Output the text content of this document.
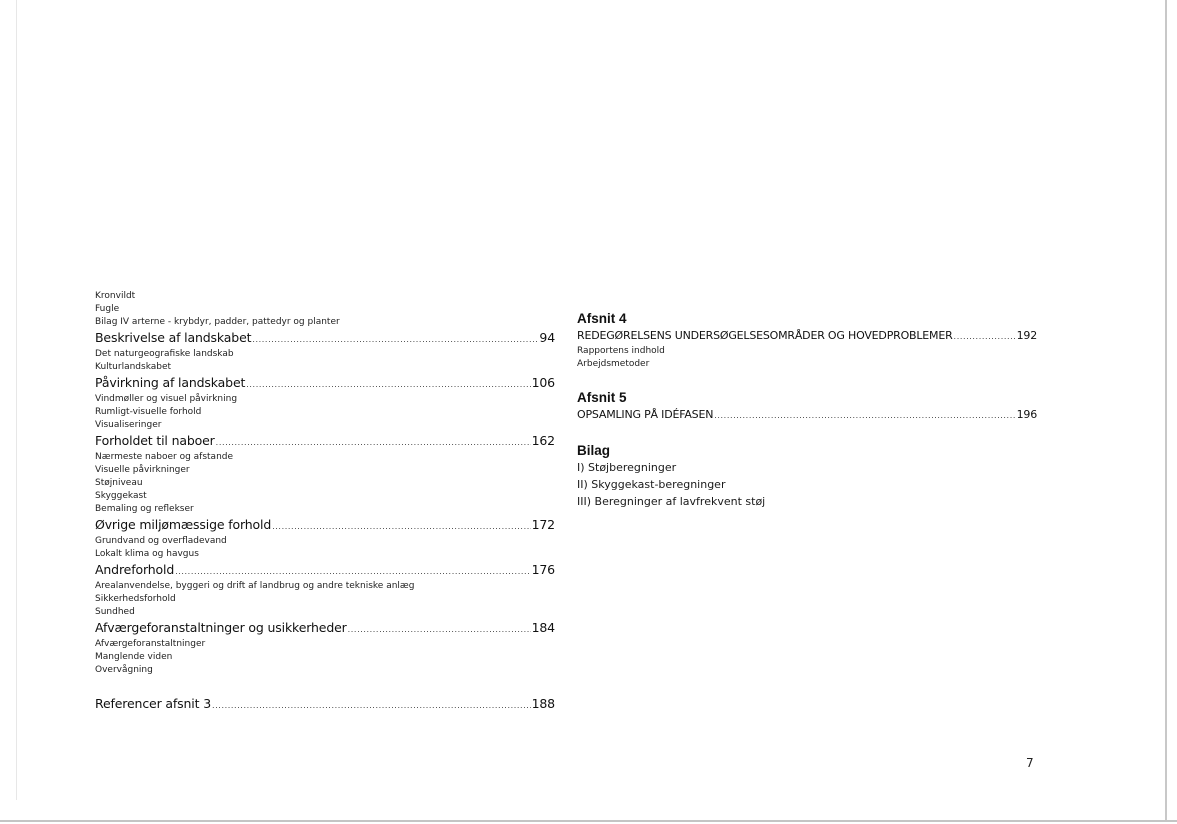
Kronvildt
Fugle
Bilag IV arterne - krybdyr, padder, pattedyr og planter
Beskrivelse af landskabet .....	94
Det naturgeografiske landskab
Kulturlandskabet
Påvirkning af landskabet .....	106
Vindmøller og visuel påvirkning
Rumligt-visuelle forhold
Visualiseringer
Forholdet til naboer .....	162
Nærmeste naboer og afstande
Visuelle påvirkninger
Støjniveau
Skyggekast
Bemaling og reflekser
Øvrige miljømæssige forhold .....	172
Grundvand og overfladevand
Lokalt klima og havgus
Andreforhold .....	176
Arealanvendelse, byggeri og drift af landbrug og andre tekniske anlæg
Sikkerhedsforhold
Sundhed
Afværgeforanstaltninger og usikkerheder .....	184
Afværgeforanstaltninger
Manglende viden
Overvågning
Referencer afsnit 3 .....	188
Afsnit 4
REDEGØRELSENS UNDERSØGELSESOMRÅDER OG HOVEDPROBLEMER .....	192
Rapportens indhold
Arbejdsmetoder
Afsnit 5
OPSAMLING PÅ IDÉFASEN .....	196
Bilag
I) Støjberegninger
II) Skyggekast-beregninger
III) Beregninger af lavfrekvent støj
7
